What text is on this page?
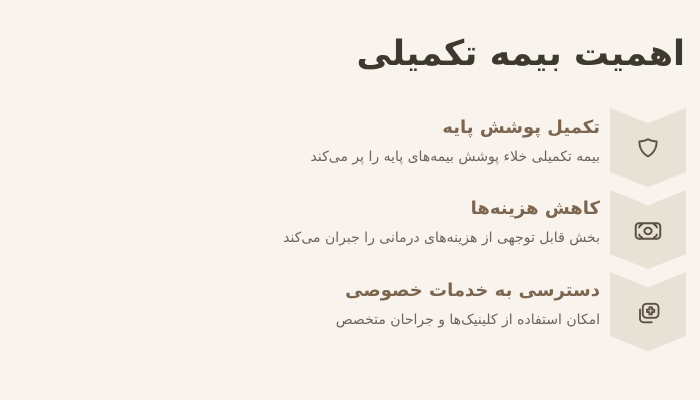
اهمیت بیمه تکمیلی
تکمیل پوشش پایه

بیمه تکمیلی خلاء پوشش بیمه‌های پایه را پر می‌کند

کاهش هزینه‌ها

بخش قابل توجهی از هزینه‌های درمانی را جبران می‌کند

دسترسی به خدمات خصوصی

امکان استفاده از کلینیک‌ها و جراحان متخصص
